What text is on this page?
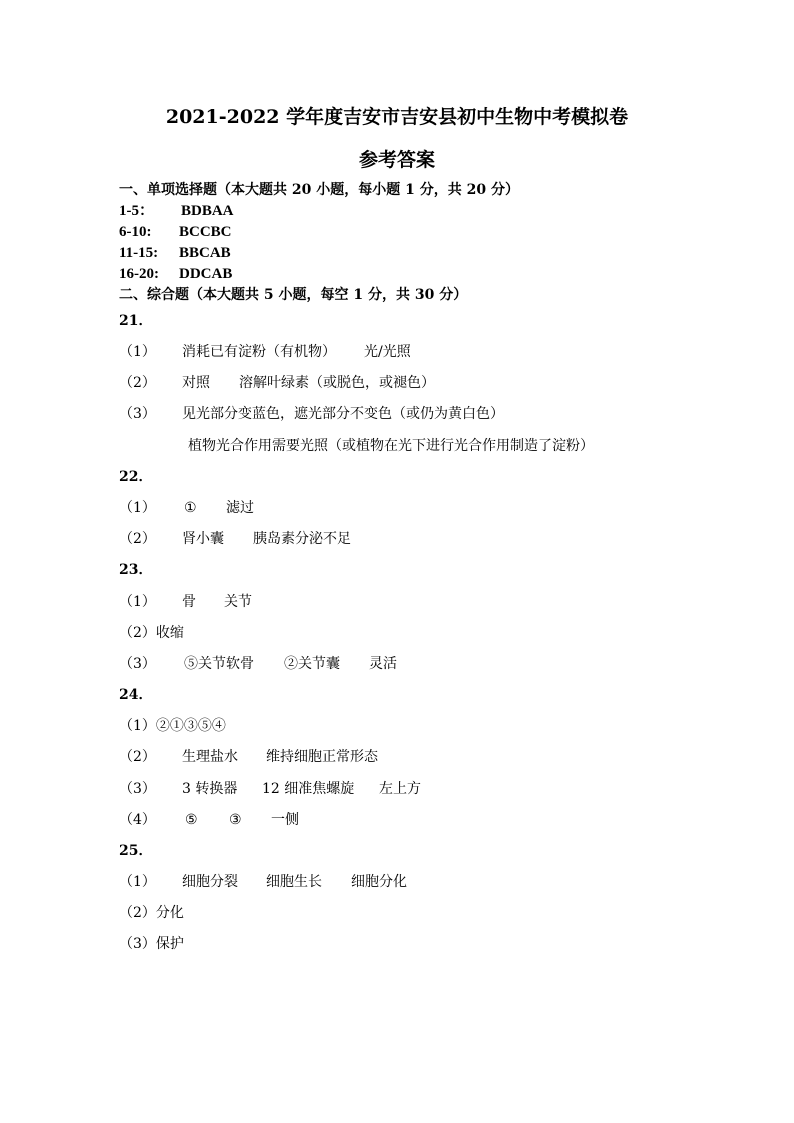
2021-2022 学年度吉安市吉安县初中生物中考模拟卷
参考答案
一、单项选择题（本大题共 20 小题，每小题 1 分，共 20 分）
1-5： BDBAA
6-10: BCCBC
11-15: BBCAB
16-20: DDCAB
二、综合题（本大题共 5 小题，每空 1 分，共 30 分）
21．
（1） 消耗已有淀粉（有机物） 光/光照
（2） 对照 溶解叶绿素（或脱色，或褪色）
（3） 见光部分变蓝色，遮光部分不变色（或仍为黄白色）
植物光合作用需要光照（或植物在光下进行光合作用制造了淀粉）
22．
（1） ① 滤过
（2） 肾小囊 胰岛素分泌不足
23．
（1） 骨 关节
（2）收缩
（3） ⑤关节软骨 ②关节囊 灵活
24．
（1）②①③⑤④
（2） 生理盐水 维持细胞正常形态
（3） 3 转换器 12 细准焦螺旋 左上方
（4） ⑤ ③ 一侧
25．
（1） 细胞分裂 细胞生长 细胞分化
（2）分化
（3）保护
